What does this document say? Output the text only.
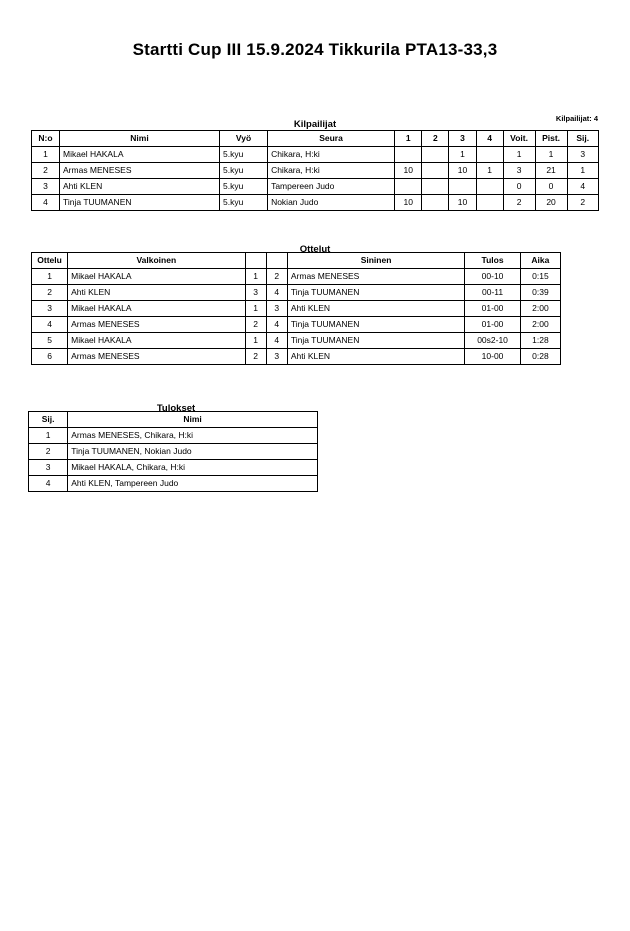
Startti Cup III 15.9.2024 Tikkurila PTA13-33,3
Kilpailijat
Kilpailijat: 4
N:o	Nimi	Vyö	Seura	1	2	3	4	Voit.	Pist.	Sij.
1	Mikael HAKALA	5.kyu	Chikara, H:ki			1		1	1	3
2	Armas MENESES	5.kyu	Chikara, H:ki	10		10	1	3	21	1
3	Ahti KLEN	5.kyu	Tampereen Judo					0	0	4
4	Tinja TUUMANEN	5.kyu	Nokian Judo	10		10		2	20	2
Ottelut
Ottelu	Valkoinen			Sininen	Tulos	Aika
1	Mikael HAKALA	1	2	Armas MENESES	00-10	0:15
2	Ahti KLEN	3	4	Tinja TUUMANEN	00-11	0:39
3	Mikael HAKALA	1	3	Ahti KLEN	01-00	2:00
4	Armas MENESES	2	4	Tinja TUUMANEN	01-00	2:00
5	Mikael HAKALA	1	4	Tinja TUUMANEN	00s2-10	1:28
6	Armas MENESES	2	3	Ahti KLEN	10-00	0:28
Tulokset
Sij.	Nimi
1	Armas MENESES, Chikara, H:ki
2	Tinja TUUMANEN, Nokian Judo
3	Mikael HAKALA, Chikara, H:ki
4	Ahti KLEN, Tampereen Judo
